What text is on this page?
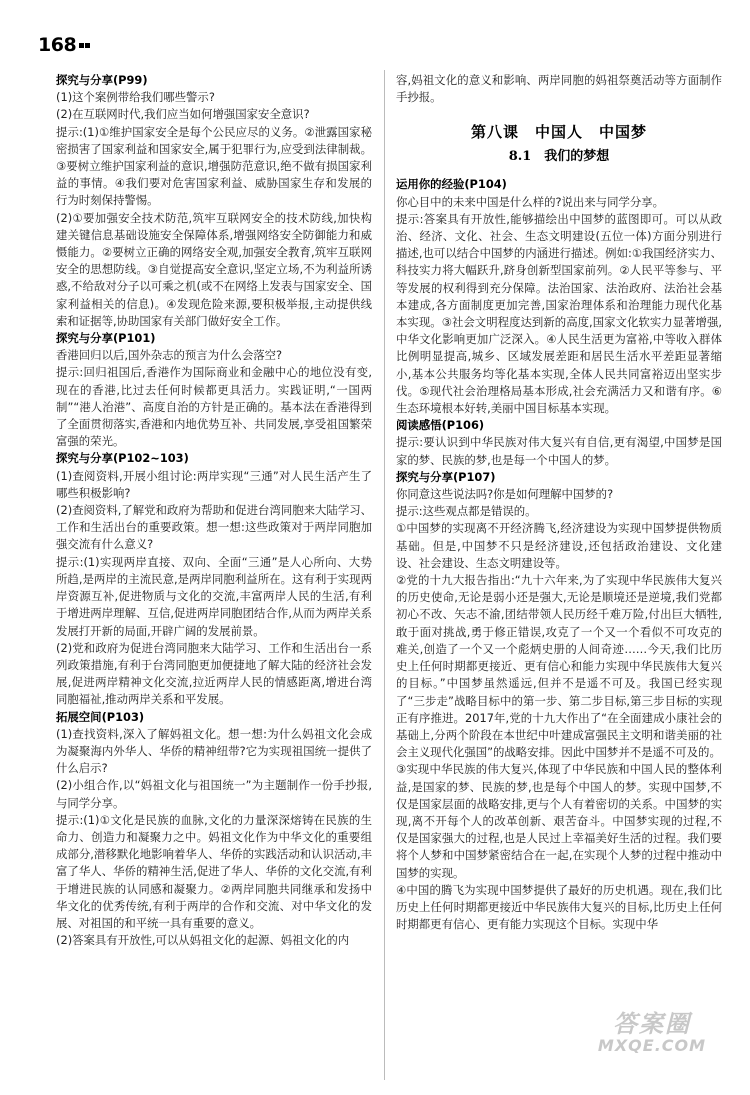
168

探究与分享(P99)

(1)这个案例带给我们哪些警示?

(2)在互联网时代,我们应当如何增强国家安全意识?

提示:(1)①维护国家安全是每个公民应尽的义务。②泄露国家秘密损害了国家利益和国家安全,属于犯罪行为,应受到法律制裁。③要树立维护国家利益的意识,增强防范意识,绝不做有损国家利益的事情。④我们要对危害国家利益、威胁国家生存和发展的行为时刻保持警惕。

(2)①要加强安全技术防范,筑牢互联网安全的技术防线,加快构建关键信息基础设施安全保障体系,增强网络安全防御能力和威慑能力。②要树立正确的网络安全观,加强安全教育,筑牢互联网安全的思想防线。③自觉提高安全意识,坚定立场,不为利益所诱惑,不给敌对分子以可乘之机(或不在网络上发表与国家安全、国家利益相关的信息)。④发现危险来源,要积极举报,主动提供线索和证据等,协助国家有关部门做好安全工作。

探究与分享(P101)

香港回归以后,国外杂志的预言为什么会落空?

提示:回归祖国后,香港作为国际商业和金融中心的地位没有变,现在的香港,比过去任何时候都更具活力。实践证明,“一国两制”“港人治港”、高度自治的方针是正确的。基本法在香港得到了全面贯彻落实,香港和内地优势互补、共同发展,享受祖国繁荣富强的荣光。

探究与分享(P102~103)

(1)查阅资料,开展小组讨论:两岸实现“三通”对人民生活产生了哪些积极影响?

(2)查阅资料,了解党和政府为帮助和促进台湾同胞来大陆学习、工作和生活出台的重要政策。想一想:这些政策对于两岸同胞加强交流有什么意义?

提示:(1)实现两岸直接、双向、全面“三通”是人心所向、大势所趋,是两岸的主流民意,是两岸同胞利益所在。这有利于实现两岸资源互补,促进物质与文化的交流,丰富两岸人民的生活,有利于增进两岸理解、互信,促进两岸同胞团结合作,从而为两岸关系发展打开新的局面,开辟广阔的发展前景。

(2)党和政府为促进台湾同胞来大陆学习、工作和生活出台一系列政策措施,有利于台湾同胞更加便捷地了解大陆的经济社会发展,促进两岸精神文化交流,拉近两岸人民的情感距离,增进台湾同胞福祉,推动两岸关系和平发展。

拓展空间(P103)

(1)查找资料,深入了解妈祖文化。想一想:为什么妈祖文化会成为凝聚海内外华人、华侨的精神纽带?它为实现祖国统一提供了什么启示?

(2)小组合作,以“妈祖文化与祖国统一”为主题制作一份手抄报,与同学分享。

提示:(1)①文化是民族的血脉,文化的力量深深熔铸在民族的生命力、创造力和凝聚力之中。妈祖文化作为中华文化的重要组成部分,潜移默化地影响着华人、华侨的实践活动和认识活动,丰富了华人、华侨的精神生活,促进了华人、华侨的文化交流,有利于增进民族的认同感和凝聚力。②两岸同胞共同继承和发扬中华文化的优秀传统,有利于两岸的合作和交流、对中华文化的发展、对祖国的和平统一具有重要的意义。

(2)答案具有开放性,可以从妈祖文化的起源、妈祖文化的内

容,妈祖文化的意义和影响、两岸同胞的妈祖祭奠活动等方面制作手抄报。

第八课　中国人　中国梦
8.1　我们的梦想

运用你的经验(P104)

你心目中的未来中国是什么样的?说出来与同学分享。

提示:答案具有开放性,能够描绘出中国梦的蓝图即可。可以从政治、经济、文化、社会、生态文明建设(五位一体)方面分别进行描述,也可以结合中国梦的内涵进行描述。例如:①我国经济实力、科技实力将大幅跃升,跻身创新型国家前列。②人民平等参与、平等发展的权利得到充分保障。法治国家、法治政府、法治社会基本建成,各方面制度更加完善,国家治理体系和治理能力现代化基本实现。③社会文明程度达到新的高度,国家文化软实力显著增强,中华文化影响更加广泛深入。④人民生活更为富裕,中等收入群体比例明显提高,城乡、区域发展差距和居民生活水平差距显著缩小,基本公共服务均等化基本实现,全体人民共同富裕迈出坚实步伐。⑤现代社会治理格局基本形成,社会充满活力又和谐有序。⑥生态环境根本好转,美丽中国目标基本实现。

阅读感悟(P106)

提示:要认识到中华民族对伟大复兴有自信,更有渴望,中国梦是国家的梦、民族的梦,也是每一个中国人的梦。

探究与分享(P107)

你同意这些说法吗?你是如何理解中国梦的?

提示:这些观点都是错误的。

①中国梦的实现离不开经济腾飞,经济建设为实现中国梦提供物质基础。但是,中国梦不只是经济建设,还包括政治建设、文化建设、社会建设、生态文明建设等。

②党的十九大报告指出:“九十六年来,为了实现中华民族伟大复兴的历史使命,无论是弱小还是强大,无论是顺境还是逆境,我们党都初心不改、矢志不渝,团结带领人民历经千难万险,付出巨大牺牲,敢于面对挑战,勇于修正错误,攻克了一个又一个看似不可攻克的难关,创造了一个又一个彪炳史册的人间奇迹……今天,我们比历史上任何时期都更接近、更有信心和能力实现中华民族伟大复兴的目标。”中国梦虽然遥远,但并不是遥不可及。我国已经实现了“三步走”战略目标中的第一步、第二步目标,第三步目标的实现正有序推进。2017年,党的十九大作出了“在全面建成小康社会的基础上,分两个阶段在本世纪中叶建成富强民主文明和谐美丽的社会主义现代化强国”的战略安排。因此中国梦并不是遥不可及的。

③实现中华民族的伟大复兴,体现了中华民族和中国人民的整体利益,是国家的梦、民族的梦,也是每个中国人的梦。实现中国梦,不仅是国家层面的战略安排,更与个人有着密切的关系。中国梦的实现,离不开每个人的改革创新、艰苦奋斗。中国梦实现的过程,不仅是国家强大的过程,也是人民过上幸福美好生活的过程。我们要将个人梦和中国梦紧密结合在一起,在实现个人梦的过程中推动中国梦的实现。

④中国的腾飞为实现中国梦提供了最好的历史机遇。现在,我们比历史上任何时期都更接近中华民族伟大复兴的目标,比历史上任何时期都更有信心、更有能力实现这个目标。实现中华

答案圈
MXQE.COM
